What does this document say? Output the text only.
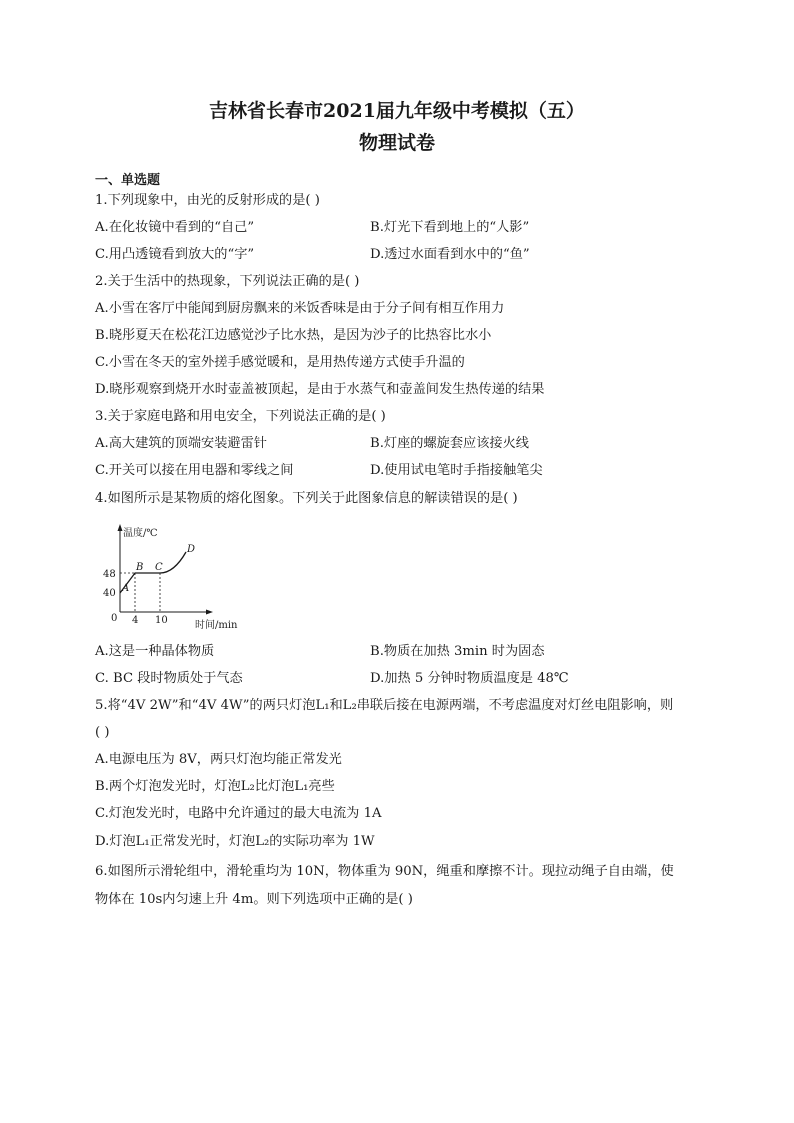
吉林省长春市2021届九年级中考模拟（五）
物理试卷
一、单选题
1.下列现象中，由光的反射形成的是( )
A.在化妆镜中看到的“自己”	B.灯光下看到地上的“人影”
C.用凸透镜看到放大的“字”	D.透过水面看到水中的“鱼”
2.关于生活中的热现象，下列说法正确的是( )
A.小雪在客厅中能闻到厨房飘来的米饭香味是由于分子间有相互作用力
B.晓彤夏天在松花江边感觉沙子比水热，是因为沙子的比热容比水小
C.小雪在冬天的室外搓手感觉暖和，是用热传递方式使手升温的
D.晓彤观察到烧开水时壶盖被顶起，是由于水蒸气和壶盖间发生热传递的结果
3.关于家庭电路和用电安全，下列说法正确的是( )
A.高大建筑的顶端安装避雷针	B.灯座的螺旋套应该接火线
C.开关可以接在用电器和零线之间	D.使用试电笔时手指接触笔尖
4.如图所示是某物质的熔化图象。下列关于此图象信息的解读错误的是( )
温度/℃
时间/min
48
40
0 4 10
A
B C
D
A.这是一种晶体物质	B.物质在加热 3min 时为固态
C. BC 段时物质处于气态	D.加热 5 分钟时物质温度是 48℃
5.将“4V 2W”和“4V 4W”的两只灯泡L₁和L₂串联后接在电源两端，不考虑温度对灯丝电阻影响，则
( )
A.电源电压为 8V，两只灯泡均能正常发光
B.两个灯泡发光时，灯泡L₂比灯泡L₁亮些
C.灯泡发光时，电路中允许通过的最大电流为 1A
D.灯泡L₁正常发光时，灯泡L₂的实际功率为 1W
6.如图所示滑轮组中，滑轮重均为 10N，物体重为 90N，绳重和摩擦不计。现拉动绳子自由端，使
物体在 10s内匀速上升 4m。则下列选项中正确的是( )
